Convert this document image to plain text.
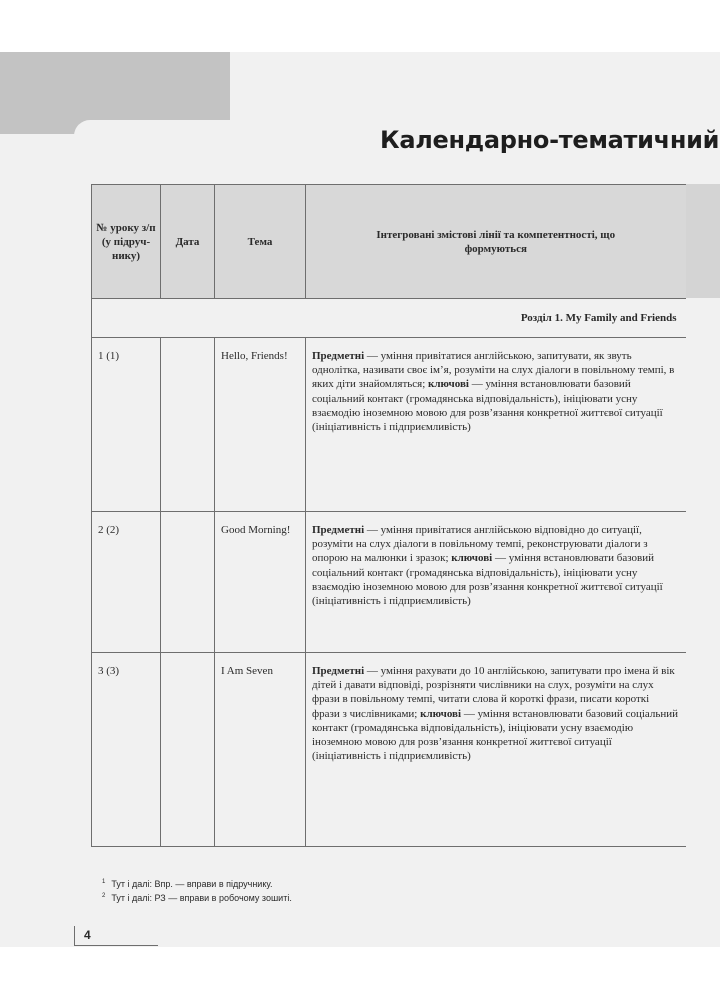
Календарно-тематичний
№ уроку з/п (у підруч- нику)	Дата	Тема	Інтегровані змістові лінії та компетентності, що формуються

Розділ 1. My Family and Friends			

1 (1)		Hello, Friends!	Предметні — уміння привітатися англійською, запитувати, як звуть однолітка, називати своє ім’я, розуміти на слух діалоги в повільному темпі, в яких діти знайомляться; ключові — уміння встановлювати базовий соціальний контакт (громадянська відповідальність), ініціювати усну взаємодію іноземною мовою для розв’язання конкретної життєвої ситуації (ініціативність і підприємливість)

2 (2)		Good Morning!	Предметні — уміння привітатися англійською відповідно до ситуації, розуміти на слух діалоги в повільному темпі, реконструювати діалоги з опорою на малюнки і зразок; ключові — уміння встановлювати базовий соціальний контакт (громадянська відповідальність), ініціювати усну взаємодію іноземною мовою для розв’язання конкретної життєвої ситуації (ініціативність і підприємливість)

3 (3)		I Am Seven	Предметні — уміння рахувати до 10 англійською, запитувати про імена й вік дітей і давати відповіді, розрізняти числівники на слух, розуміти на слух фрази в повільному темпі, читати слова й короткі фрази, писати короткі фрази з числівниками; ключові — уміння встановлювати базовий соціальний контакт (громадянська відповідальність), ініціювати усну взаємодію іноземною мовою для розв’язання конкретної життєвої ситуації (ініціативність і підприємливість)
$^1$ Тут і далі: Впр. — вправи в підручнику.
$^2$ Тут і далі: РЗ — вправи в робочому зошиті.
4
